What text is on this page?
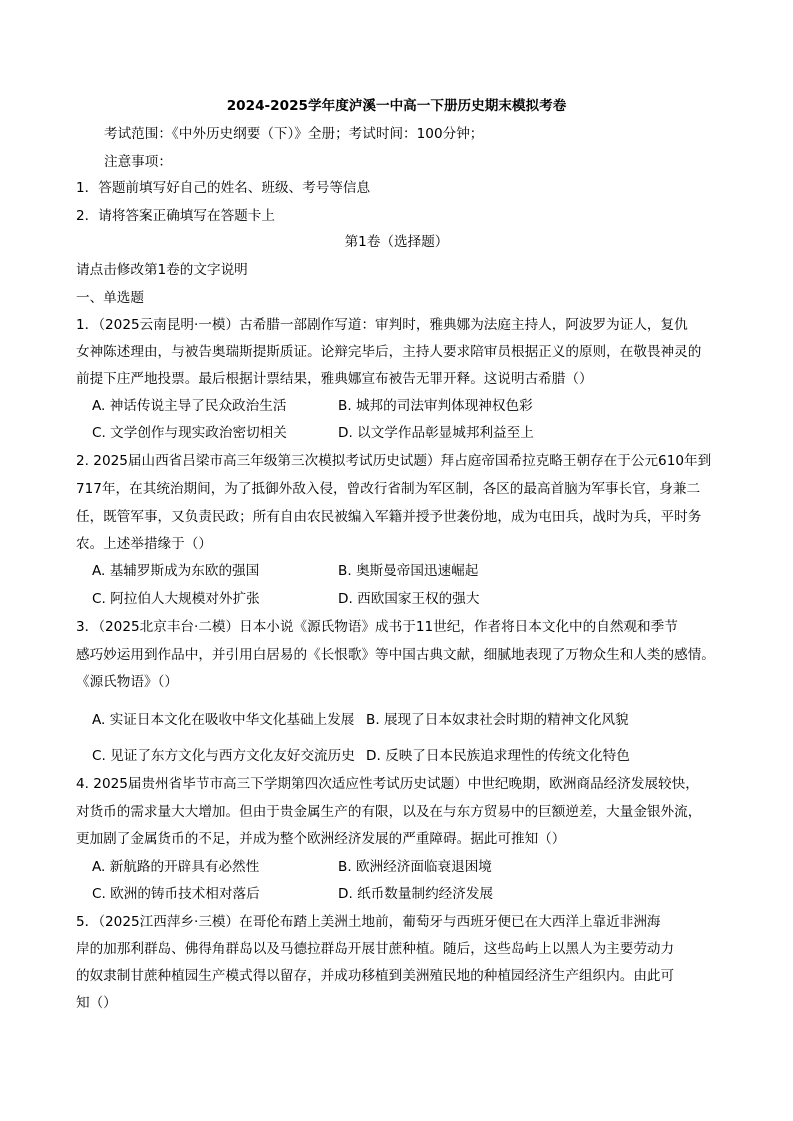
2024-2025学年度泸溪一中高一下册历史期末模拟考卷
考试范围：《中外历史纲要（下）》全册；考试时间：100分钟；
注意事项：
1．答题前填写好自己的姓名、班级、考号等信息
2．请将答案正确填写在答题卡上
第1卷（选择题）
请点击修改第1卷的文字说明
一、单选题
1．（2025云南昆明·一模）古希腊一部剧作写道：审判时，雅典娜为法庭主持人，阿波罗为证人，复仇
女神陈述理由，与被告奥瑞斯提斯质证。论辩完毕后，主持人要求陪审员根据正义的原则，在敬畏神灵的
前提下庄严地投票。最后根据计票结果，雅典娜宣布被告无罪开释。这说明古希腊（）
A. 神话传说主导了民众政治生活	B. 城邦的司法审判体现神权色彩
C. 文学创作与现实政治密切相关	D. 以文学作品彰显城邦利益至上
2. 2025届山西省吕梁市高三年级第三次模拟考试历史试题）拜占庭帝国希拉克略王朝存在于公元610年到
717年，在其统治期间，为了抵御外敌入侵，曾改行省制为军区制，各区的最高首脑为军事长官，身兼二
任，既管军事，又负责民政；所有自由农民被编入军籍并授予世袭份地，成为屯田兵，战时为兵，平时务
农。上述举措缘于（）
A. 基辅罗斯成为东欧的强国	B. 奥斯曼帝国迅速崛起
C. 阿拉伯人大规模对外扩张	D. 西欧国家王权的强大
3．（2025北京丰台·二模）日本小说《源氏物语》成书于11世纪，作者将日本文化中的自然观和季节
感巧妙运用到作品中，并引用白居易的《长恨歌》等中国古典文献，细腻地表现了万物众生和人类的感情。
《源氏物语》（）
A. 实证日本文化在吸收中华文化基础上发展 B. 展现了日本奴隶社会时期的精神文化风貌
C. 见证了东方文化与西方文化友好交流历史 D. 反映了日本民族追求理性的传统文化特色
4. 2025届贵州省毕节市高三下学期第四次适应性考试历史试题）中世纪晚期，欧洲商品经济发展较快，
对货币的需求量大大增加。但由于贵金属生产的有限，以及在与东方贸易中的巨额逆差，大量金银外流，
更加剧了金属货币的不足，并成为整个欧洲经济发展的严重障碍。据此可推知（）
A. 新航路的开辟具有必然性	B. 欧洲经济面临衰退困境
C. 欧洲的铸币技术相对落后	D. 纸币数量制约经济发展
5．（2025江西萍乡·三模）在哥伦布踏上美洲土地前，葡萄牙与西班牙便已在大西洋上靠近非洲海
岸的加那利群岛、佛得角群岛以及马德拉群岛开展甘蔗种植。随后，这些岛屿上以黑人为主要劳动力
的奴隶制甘蔗种植园生产模式得以留存，并成功移植到美洲殖民地的种植园经济生产组织内。由此可
知（）
